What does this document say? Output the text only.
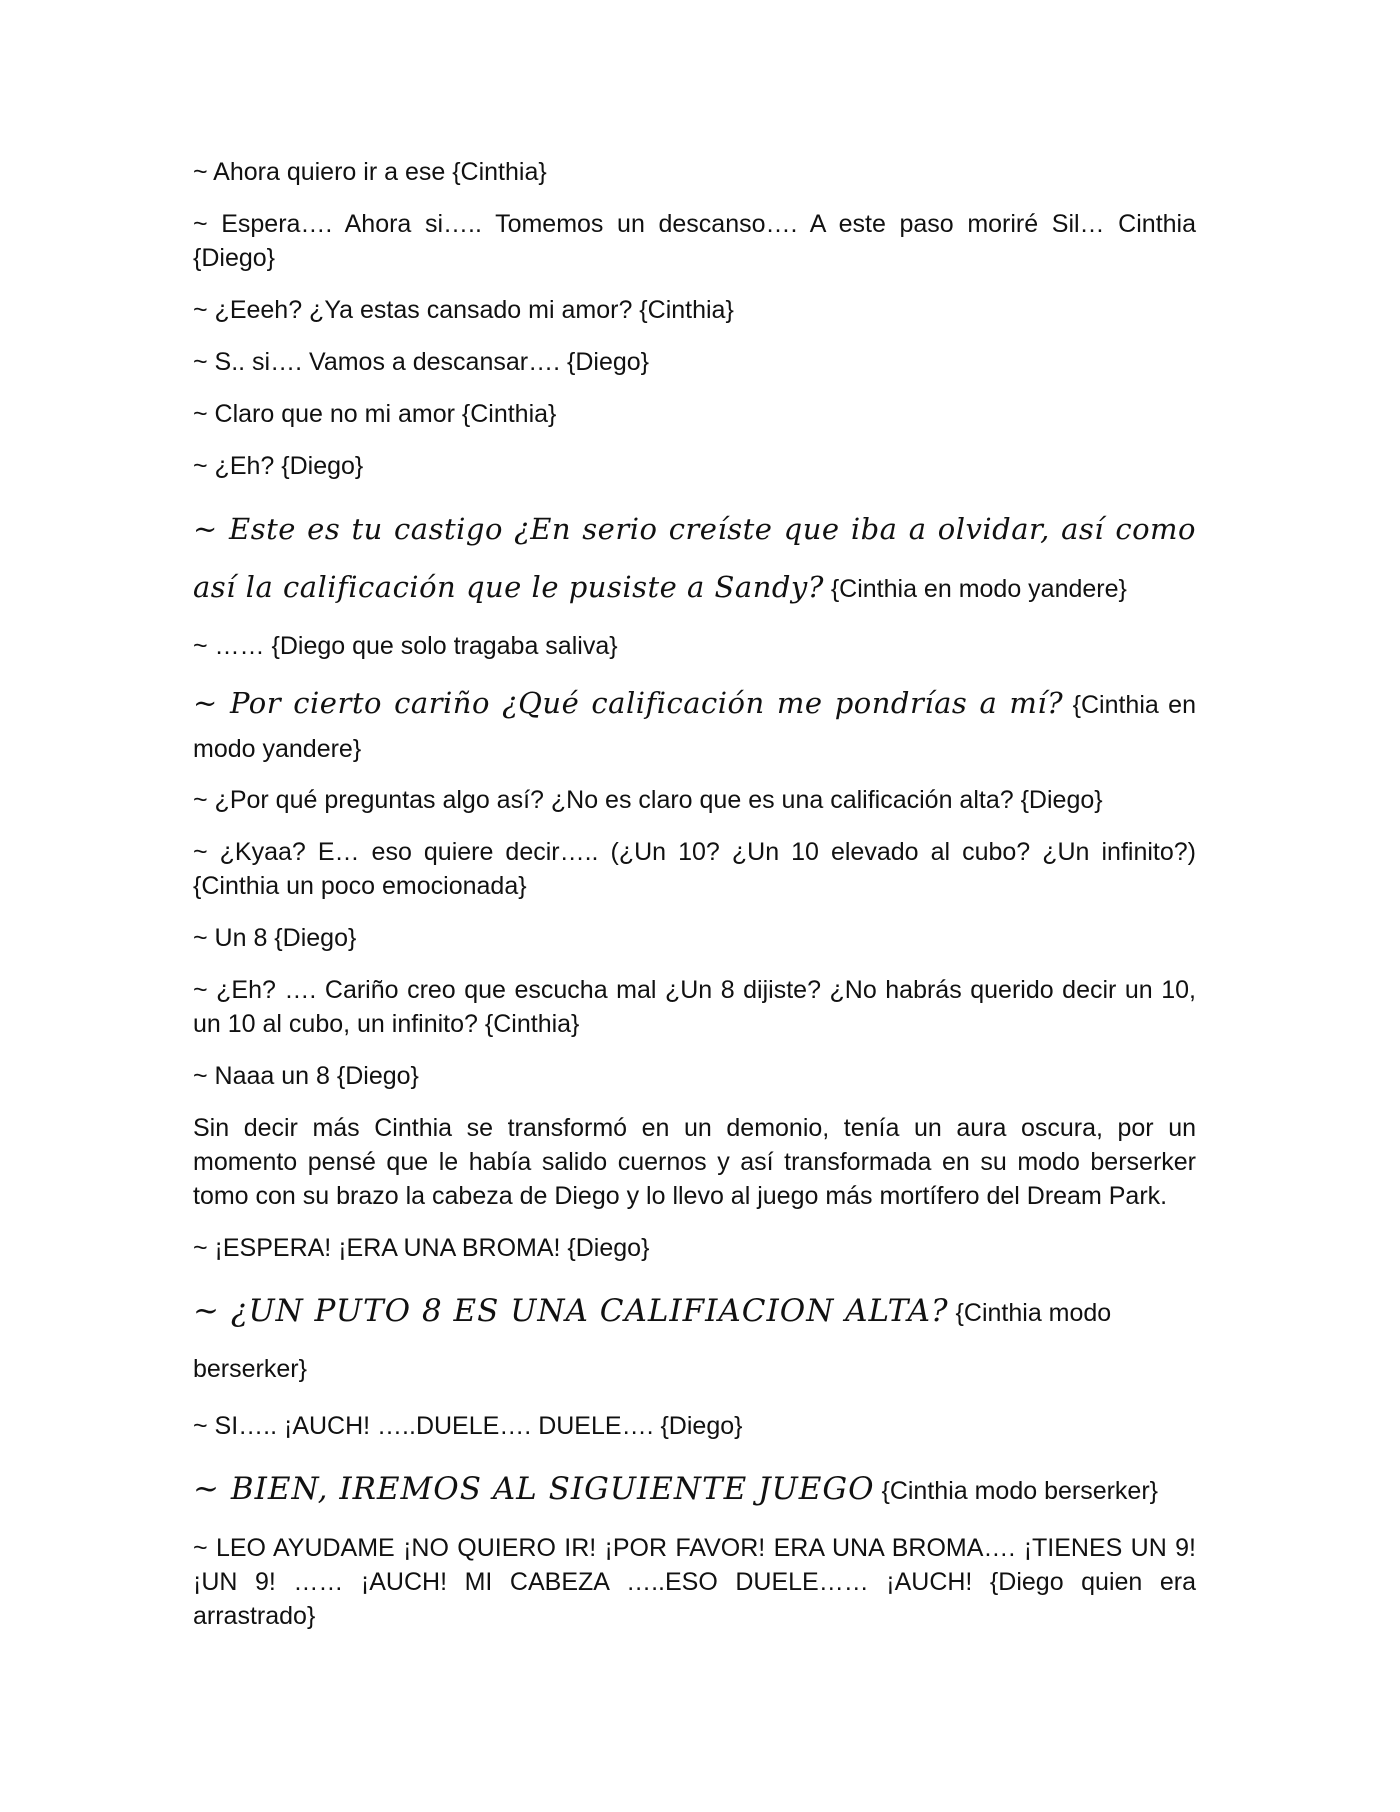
~ Ahora quiero ir a ese {Cinthia}

~ Espera…. Ahora si….. Tomemos un descanso…. A este paso moriré Sil… Cinthia {Diego}

~ ¿Eeeh? ¿Ya estas cansado mi amor? {Cinthia}

~ S.. si…. Vamos a descansar…. {Diego}

~ Claro que no mi amor {Cinthia}

~ ¿Eh? {Diego}

~ Este es tu castigo ¿En serio creíste que iba a olvidar, así como así la calificación que le pusiste a Sandy? {Cinthia en modo yandere}

~ …… {Diego que solo tragaba saliva}

~ Por cierto cariño ¿Qué calificación me pondrías a mí? {Cinthia en modo yandere}

~ ¿Por qué preguntas algo así? ¿No es claro que es una calificación alta? {Diego}

~ ¿Kyaa? E… eso quiere decir….. (¿Un 10? ¿Un 10 elevado al cubo? ¿Un infinito?) {Cinthia un poco emocionada}

~ Un 8 {Diego}

~ ¿Eh? …. Cariño creo que escucha mal ¿Un 8 dijiste? ¿No habrás querido decir un 10, un 10 al cubo, un infinito? {Cinthia}

~ Naaa un 8 {Diego}

Sin decir más Cinthia se transformó en un demonio, tenía un aura oscura, por un momento pensé que le había salido cuernos y así transformada en su modo berserker tomo con su brazo la cabeza de Diego y lo llevo al juego más mortífero del Dream Park.

~ ¡ESPERA! ¡ERA UNA BROMA! {Diego}

~ ¿UN PUTO 8 ES UNA CALIFIACION ALTA? {Cinthia modo berserker}

~ SI….. ¡AUCH! …..DUELE…. DUELE…. {Diego}

~ BIEN, IREMOS AL SIGUIENTE JUEGO {Cinthia modo berserker}

~ LEO AYUDAME ¡NO QUIERO IR! ¡POR FAVOR! ERA UNA BROMA…. ¡TIENES UN 9! ¡UN 9! …… ¡AUCH! MI CABEZA …..ESO DUELE…… ¡AUCH! {Diego quien era arrastrado}
